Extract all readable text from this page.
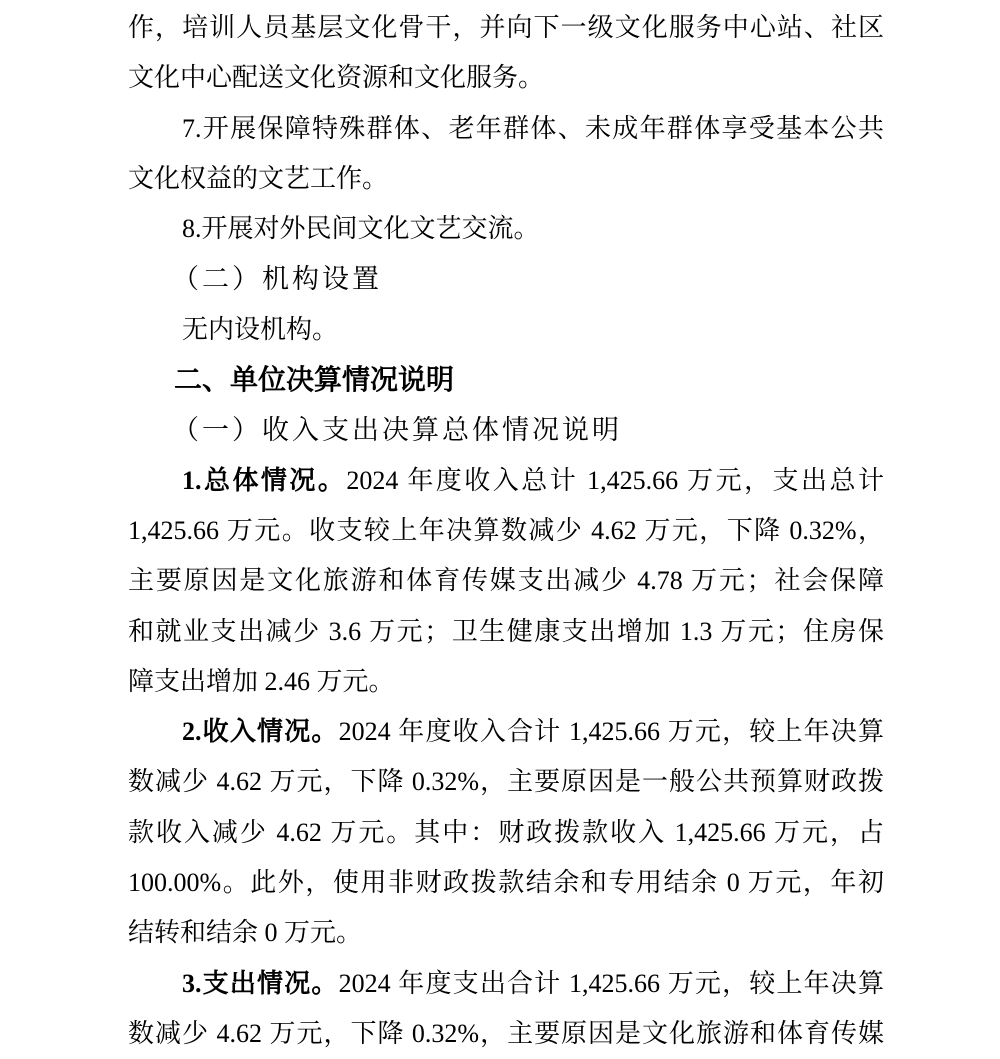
作，培训人员基层文化骨干，并向下一级文化服务中心站、社区
文化中心配送文化资源和文化服务。
7.开展保障特殊群体、老年群体、未成年群体享受基本公共
文化权益的文艺工作。
8.开展对外民间文化文艺交流。
（二）机构设置
无内设机构。
二、单位决算情况说明
（一）收入支出决算总体情况说明
1.总体情况。2024 年度收入总计 1,425.66 万元，支出总计
1,425.66 万元。收支较上年决算数减少 4.62 万元，下降 0.32%，
主要原因是文化旅游和体育传媒支出减少 4.78 万元；社会保障
和就业支出减少 3.6 万元；卫生健康支出增加 1.3 万元；住房保
障支出增加 2.46 万元。
2.收入情况。2024 年度收入合计 1,425.66 万元，较上年决算
数减少 4.62 万元，下降 0.32%，主要原因是一般公共预算财政拨
款收入减少 4.62 万元。其中：财政拨款收入 1,425.66 万元，占
100.00%。此外，使用非财政拨款结余和专用结余 0 万元，年初
结转和结余 0 万元。
3.支出情况。2024 年度支出合计 1,425.66 万元，较上年决算
数减少 4.62 万元，下降 0.32%，主要原因是文化旅游和体育传媒
